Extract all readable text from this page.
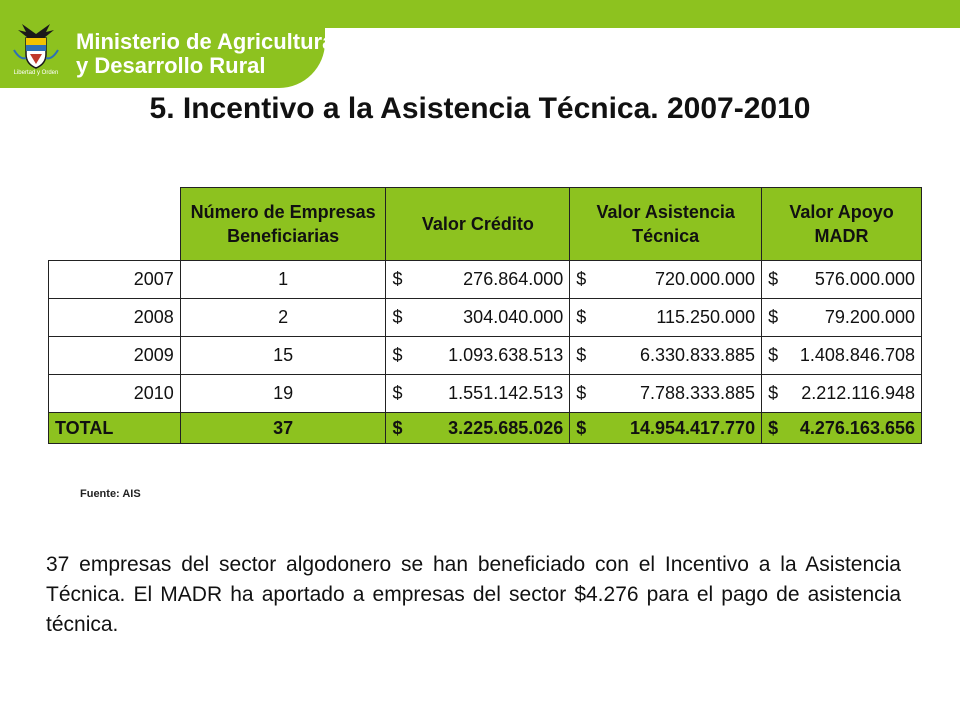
Libertad y Orden
Ministerio de Agricultura
y Desarrollo Rural
5. Incentivo a la Asistencia Técnica. 2007-2010
	Número de Empresas Beneficiarias	Valor Crédito	Valor Asistencia Técnica	Valor Apoyo MADR
2007	1	$ 276.864.000	$ 720.000.000	$ 576.000.000

2008	2	$ 304.040.000	$ 115.250.000	$ 79.200.000

2009	15	$ 1.093.638.513	$ 6.330.833.885	$ 1.408.846.708

2010	19	$ 1.551.142.513	$ 7.788.333.885	$ 2.212.116.948

TOTAL	37	$ 3.225.685.026	$ 14.954.417.770	$ 4.276.163.656
Fuente: AIS
37 empresas del sector algodonero se han beneficiado con el Incentivo a la Asistencia Técnica. El MADR ha aportado a empresas del sector $4.276 para el pago de asistencia técnica.
